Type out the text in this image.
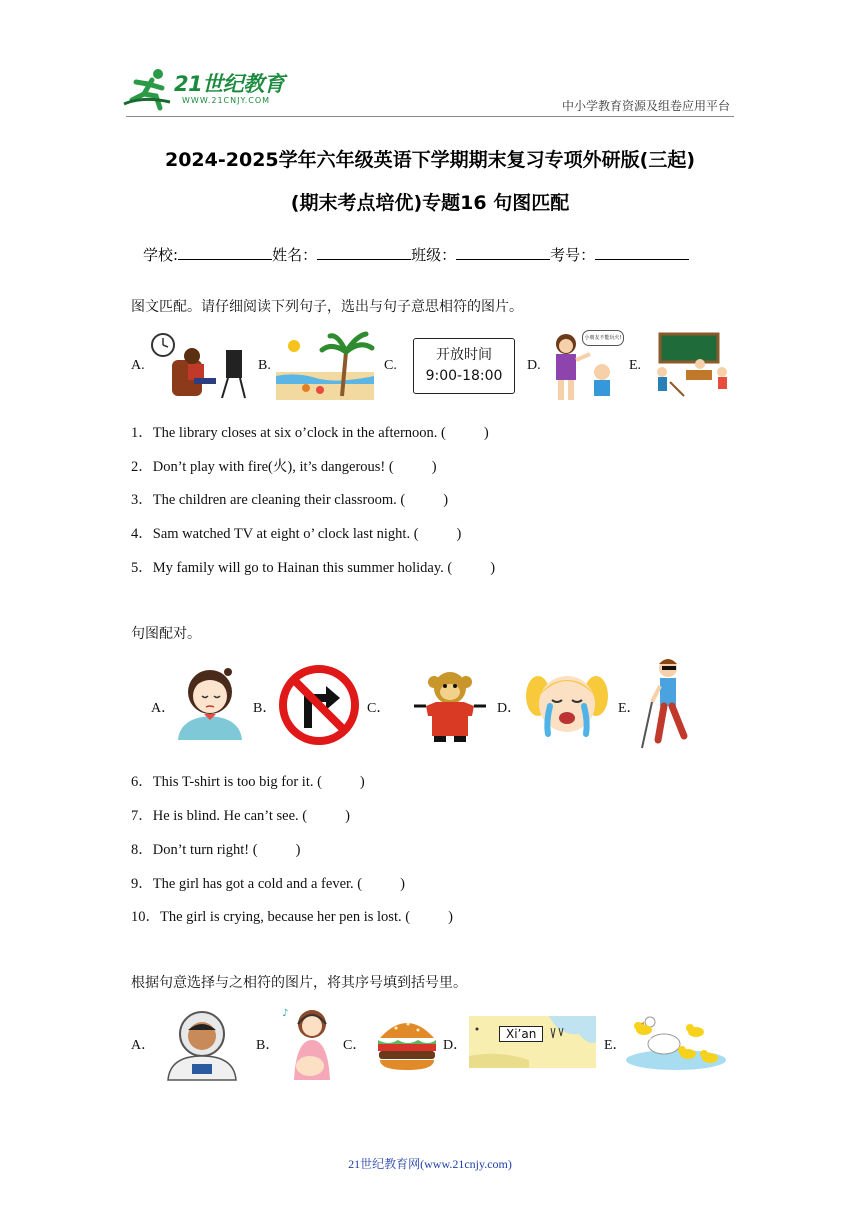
21世纪教育
WWW.21CNJY.COM	中小学教育资源及组卷应用平台
2024-2025学年六年级英语下学期期末复习专项外研版(三起)
(期末考点培优)专题16 句图匹配
学校:	姓名：	班级：	考号：
图文匹配。请仔细阅读下列句子，选出与句子意思相符的图片。
A.	B.	C.
开放时间
9:00-18:00
D.
小朋友不能玩火!
E.
1．The library closes at six o’clock in the afternoon. (	)
2．Don’t play with fire(火), it’s dangerous! (	)
3．The children are cleaning their classroom. (	)
4．Sam watched TV at eight o’ clock last night. (	)
5．My family will go to Hainan this summer holiday. (	)
句图配对。
A．	B．	C．	D．	E．
6．This T-shirt is too big for it. (	)
7．He is blind. He can’t see. (	)
8．Don’t turn right! (	)
9．The girl has got a cold and a fever. (	)
10．The girl is crying, because her pen is lost. (	)
根据句意选择与之相符的图片，将其序号填到括号里。
A．	B．
♪
C．	D．
Xi’an
E．
21世纪教育网(www.21cnjy.com)
